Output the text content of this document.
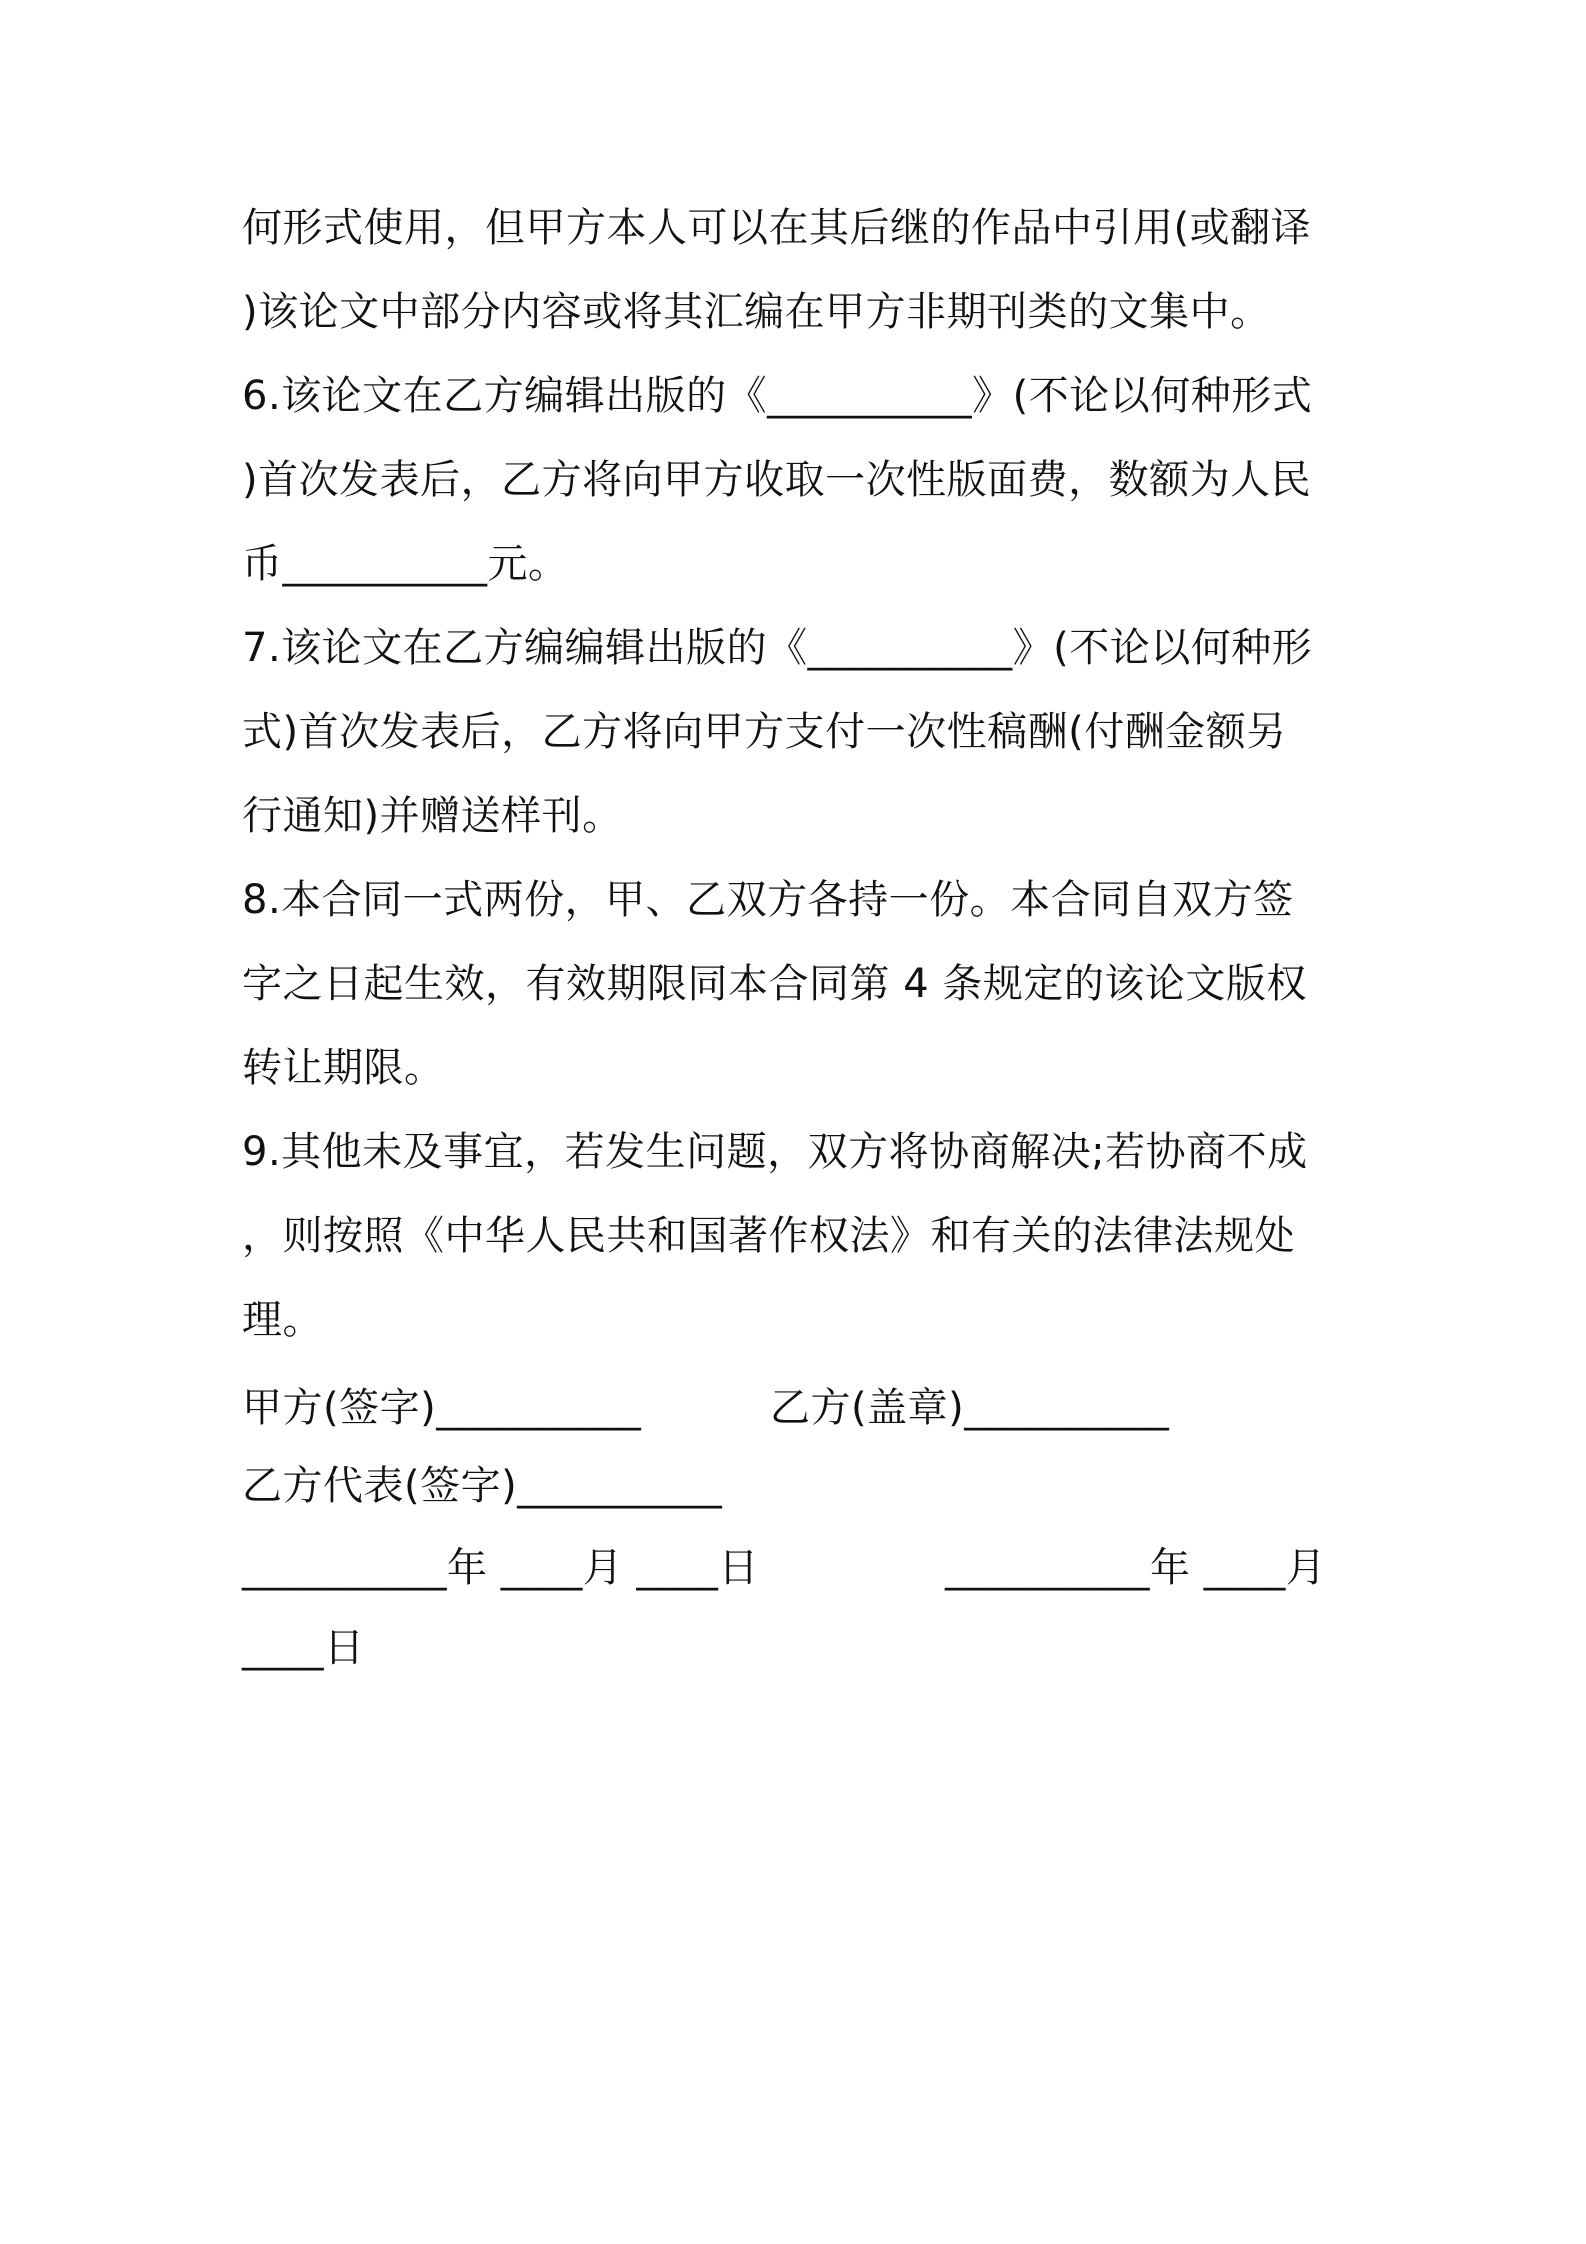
何形式使用，但甲方本人可以在其后继的作品中引用(或翻译
)该论文中部分内容或将其汇编在甲方非期刊类的文集中。
6.该论文在乙方编辑出版的《__________》(不论以何种形式
)首次发表后，乙方将向甲方收取一次性版面费，数额为人民
币__________元。
7.该论文在乙方编编辑出版的《__________》(不论以何种形
式)首次发表后，乙方将向甲方支付一次性稿酬(付酬金额另
行通知)并赠送样刊。
8.本合同一式两份，甲、乙双方各持一份。本合同自双方签
字之日起生效，有效期限同本合同第 4 条规定的该论文版权
转让期限。
9.其他未及事宜，若发生问题，双方将协商解决;若协商不成
，则按照《中华人民共和国著作权法》和有关的法律法规处
理。
甲方(签字)__________	乙方(盖章)__________
乙方代表(签字)__________
__________年 ____月 ____日	__________年 ____月
____日
